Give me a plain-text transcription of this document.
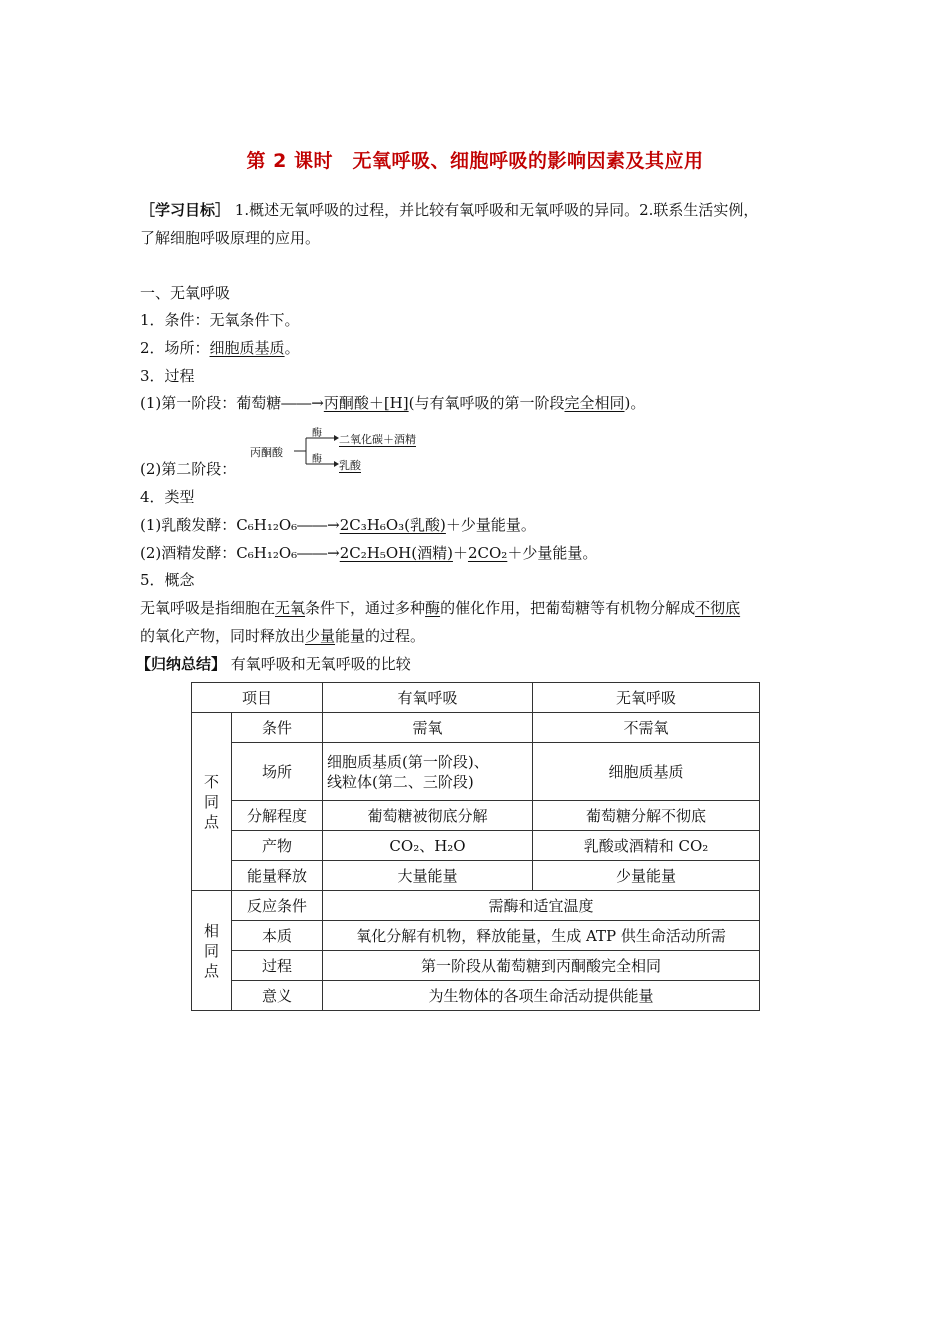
第 2 课时　无氧呼吸、细胞呼吸的影响因素及其应用
［学习目标］ 1.概述无氧呼吸的过程，并比较有氧呼吸和无氧呼吸的异同。2.联系生活实例，
了解细胞呼吸原理的应用。
一、无氧呼吸
1．条件：无氧条件下。
2．场所：细胞质基质。
3．过程
(1)第一阶段：葡萄糖――→丙酮酸＋[H](与有氧呼吸的第一阶段完全相同)。
丙酮酸
酶 二氧化碳＋酒精
酶 乳酸
(2)第二阶段：
4．类型
(1)乳酸发酵：C₆H₁₂O₆――→2C₃H₆O₃(乳酸)＋少量能量。
(2)酒精发酵：C₆H₁₂O₆――→2C₂H₅OH(酒精)＋2CO₂＋少量能量。
5．概念
无氧呼吸是指细胞在无氧条件下，通过多种酶的催化作用，把葡萄糖等有机物分解成不彻底
的氧化产物，同时释放出少量能量的过程。
【归纳总结】 有氧呼吸和无氧呼吸的比较
项目		有氧呼吸	无氧呼吸
不
同
点	条件	需氧	不需氧
	场所	细胞质基质(第一阶段)、
线粒体(第二、三阶段)	细胞质基质
	分解程度	葡萄糖被彻底分解	葡萄糖分解不彻底
	产物	CO₂、H₂O	乳酸或酒精和 CO₂
	能量释放	大量能量	少量能量
相
同
点	反应条件	需酶和适宜温度	
	本质	氧化分解有机物，释放能量，生成 ATP 供生命活动所需	
	过程	第一阶段从葡萄糖到丙酮酸完全相同	
	意义	为生物体的各项生命活动提供能量	
